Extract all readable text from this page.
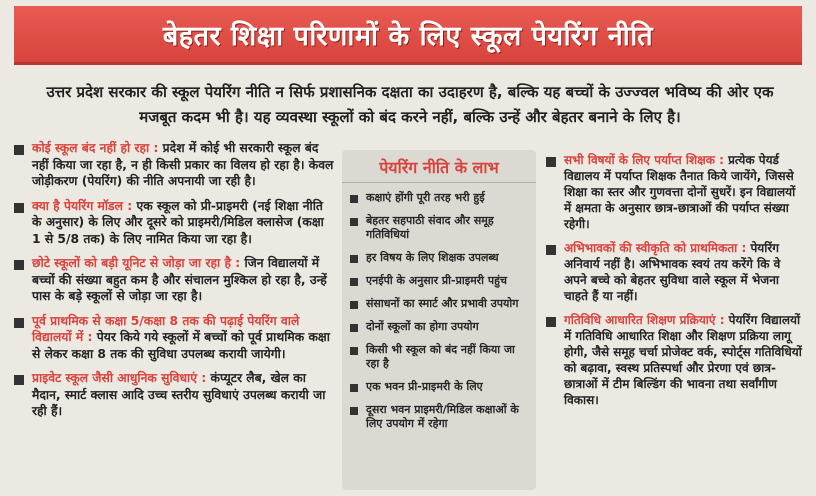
बेहतर शिक्षा परिणामों के लिए स्कूल पेयरिंग नीति
उत्तर प्रदेश सरकार की स्कूल पेयरिंग नीति न सिर्फ प्रशासनिक दक्षता का उदाहरण है, बल्कि यह बच्चों के उज्ज्वल भविष्य की ओर एक मजबूत कदम भी है। यह व्यवस्था स्कूलों को बंद करने नहीं, बल्कि उन्हें और बेहतर बनाने के लिए है।

कोई स्कूल बंद नहीं हो रहा : प्रदेश में कोई भी सरकारी स्कूल बंद नहीं किया जा रहा है, न ही किसी प्रकार का विलय हो रहा है। केवल जोड़ीकरण (पेयरिंग) की नीति अपनायी जा रही है।

क्या है पेयरिंग मॉडल : एक स्कूल को प्री-प्राइमरी (नई शिक्षा नीति के अनुसार) के लिए और दूसरे को प्राइमरी/मिडिल क्लासेज (कक्षा 1 से 5/8 तक) के लिए नामित किया जा रहा है।

छोटे स्कूलों को बड़ी यूनिट से जोड़ा जा रहा है : जिन विद्यालयों में बच्चों की संख्या बहुत कम है और संचालन मुश्किल हो रहा है, उन्हें पास के बड़े स्कूलों से जोड़ा जा रहा है।

पूर्व प्राथमिक से कक्षा 5/कक्षा 8 तक की पढ़ाई पेयरिंग वाले विद्यालयों में : पेयर किये गये स्कूलों में बच्चों को पूर्व प्राथमिक कक्षा से लेकर कक्षा 8 तक की सुविधा उपलब्ध करायी जायेगी।

प्राइवेट स्कूल जैसी आधुनिक सुविधाएं : कंप्यूटर लैब, खेल का मैदान, स्मार्ट क्लास आदि उच्च स्तरीय सुविधाएं उपलब्ध करायी जा रही हैं।

पेयरिंग नीति के लाभ

कक्षाएं होंगी पूरी तरह भरी हुई

बेहतर सहपाठी संवाद और समूह गतिविधियां

हर विषय के लिए शिक्षक उपलब्ध

एनईपी के अनुसार प्री-प्राइमरी पहुंच

संसाधनों का स्मार्ट और प्रभावी उपयोग

दोनों स्कूलों का होगा उपयोग

किसी भी स्कूल को बंद नहीं किया जा रहा है

एक भवन प्री-प्राइमरी के लिए

दूसरा भवन प्राइमरी/मिडिल कक्षाओं के लिए उपयोग में रहेगा

सभी विषयों के लिए पर्याप्त शिक्षक : प्रत्येक पेयर्ड विद्यालय में पर्याप्त शिक्षक तैनात किये जायेंगे, जिससे शिक्षा का स्तर और गुणवत्ता दोनों सुधरें। इन विद्यालयों में क्षमता के अनुसार छात्र-छात्राओं की पर्याप्त संख्या रहेगी।

अभिभावकों की स्वीकृति को प्राथमिकता : पेयरिंग अनिवार्य नहीं है। अभिभावक स्वयं तय करेंगे कि वे अपने बच्चे को बेहतर सुविधा वाले स्कूल में भेजना चाहते हैं या नहीं।

गतिविधि आधारित शिक्षण प्रक्रियाएं : पेयरिंग विद्यालयों में गतिविधि आधारित शिक्षा और शिक्षण प्रक्रिया लागू होगी, जैसे समूह चर्चा प्रोजेक्ट वर्क, स्पोर्ट्स गतिविधियों को बढ़ावा, स्वस्थ प्रतिस्पर्धा और प्रेरणा एवं छात्र-छात्राओं में टीम बिल्डिंग की भावना तथा सर्वांगीण विकास।
